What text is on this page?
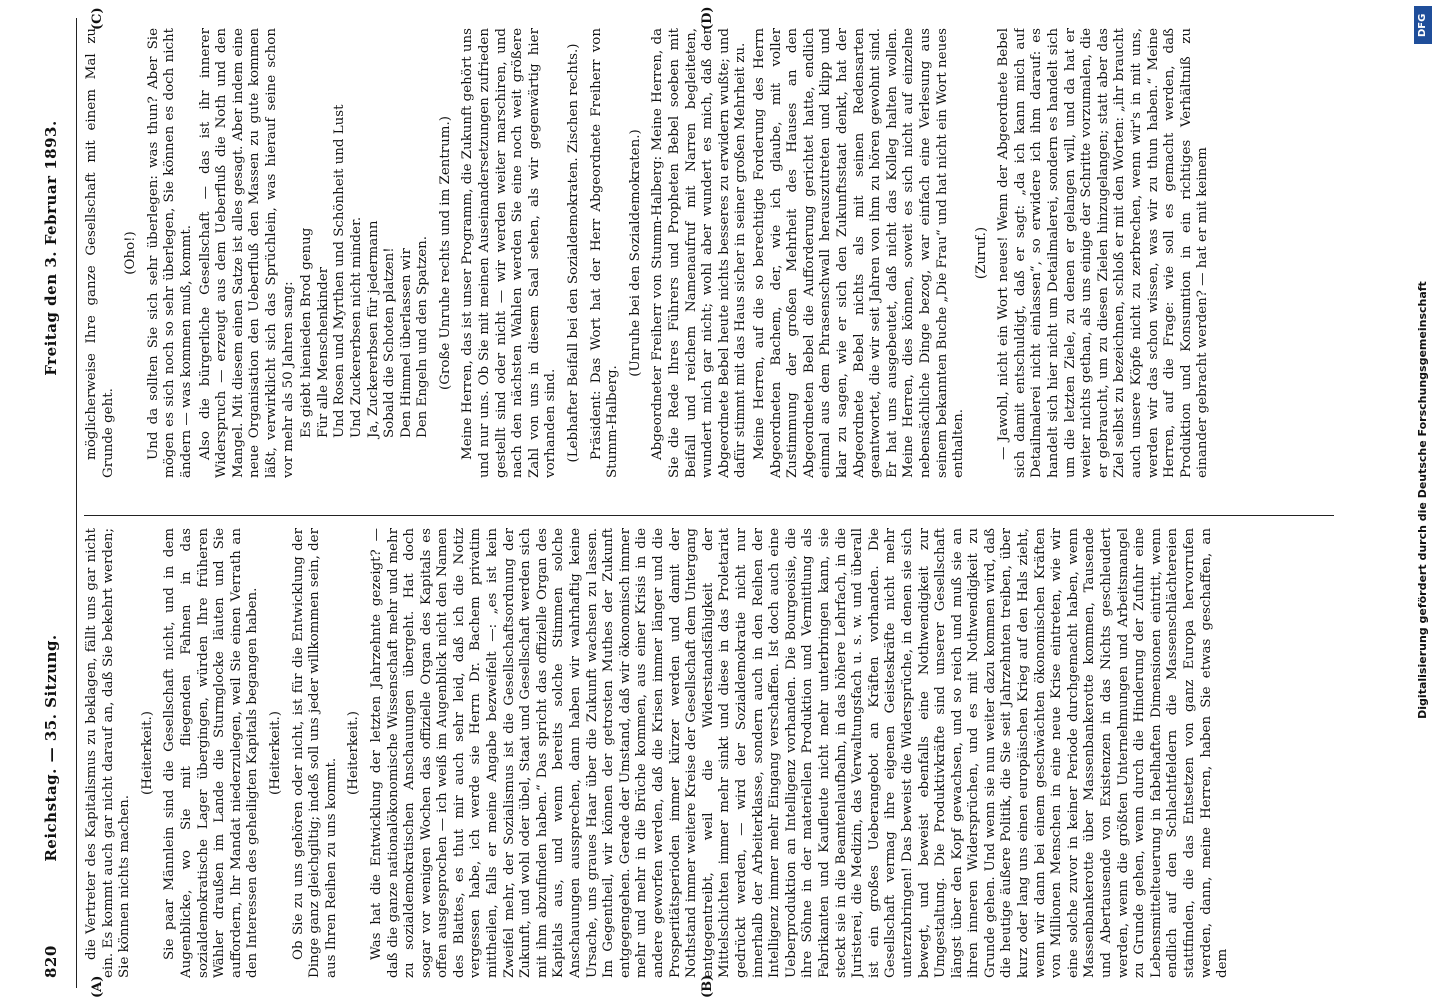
820
Reichstag. — 35. Sitzung.
Freitag den 3. Februar 1893.
(A)	(B)
(C)	(D)

die Vertreter des Kapitalismus zu beklagen, fällt uns gar nicht ein. Es kommt auch gar nicht darauf an, daß Sie bekehrt werden; Sie können nichts machen.

(Heiterkeit.) Sie paar Männlein sind die Gesellschaft nicht, und in dem Augenblicke, wo Sie mit fliegenden Fahnen in das sozialdemokratische Lager übergingen, würden Ihre früheren Wähler draußen im Lande die Sturmglocke läuten und Sie auffordern, Ihr Mandat niederzulegen, weil Sie einen Verrath an den Interessen des geheiligten Kapitals begangen haben. (Heiterkeit.) Ob Sie zu uns gehören oder nicht, ist für die Entwicklung der Dinge ganz gleichgiltig; indeß soll uns jeder willkommen sein, der aus Ihren Reihen zu uns kommt.

(Heiterkeit.) Was hat die Entwicklung der letzten Jahrzehnte gezeigt? — daß die ganze nationalökonomische Wissenschaft mehr und mehr zu sozialdemokratischen Anschauungen übergeht. Hat doch sogar vor wenigen Wochen das offizielle Organ des Kapitals es offen ausgesprochen — ich weiß im Augenblick nicht den Namen des Blattes, es thut mir auch sehr leid, daß ich die Notiz vergessen habe, ich werde sie Herrn Dr. Bachem privatim mittheilen, falls er meine Angabe bezweifelt —: „es ist kein Zweifel mehr, der Sozialismus ist die Gesellschaftsordnung der Zukunft, und wohl oder übel, Staat und Gesellschaft werden sich mit ihm abzufinden haben.“ Das spricht das offizielle Organ des Kapitals aus, und wenn bereits solche Stimmen solche Anschauungen aussprechen, dann haben wir wahrhaftig keine Ursache, uns graues Haar über die Zukunft wachsen zu lassen. Im Gegentheil, wir können der getrosten Muthes der Zukunft entgegengehen. Gerade der Umstand, daß wir ökonomisch immer mehr und mehr in die Brüche kommen, aus einer Krisis in die andere geworfen werden, daß die Krisen immer länger und die Prosperitätsperioden immer kürzer werden und damit der Nothstand immer weitere Kreise der Gesellschaft dem Untergang entgegentreibt, weil die Widerstandsfähigkeit der Mittelschichten immer mehr sinkt und diese in das Proletariat gedrückt werden, — wird der Sozialdemokratie nicht nur innerhalb der Arbeiterklasse, sondern auch in den Reihen der Intelligenz immer mehr Eingang verschaffen. Ist doch auch eine Ueberproduktion an Intelligenz vorhanden. Die Bourgeoisie, die ihre Söhne in der materiellen Produktion und Vermittlung als Fabrikanten und Kaufleute nicht mehr unterbringen kann, sie steckt sie in die Beamtenlaufbahn, in das höhere Lehrfach, in die Juristerei, die Medizin, das Verwaltungsfach u. s. w. und überall ist ein großes Ueberangebot an Kräften vorhanden. Die Gesellschaft vermag ihre eigenen Geisteskräfte nicht mehr unterzubringen! Das beweist die Widersprüche, in denen sie sich bewegt, und beweist ebenfalls eine Nothwendigkeit zur Umgestaltung. Die Produktivkräfte sind unserer Gesellschaft längst über den Kopf gewachsen, und so reich und muß sie an ihren inneren Widersprüchen, und es mit Nothwendigkeit zu Grunde gehen. Und wenn sie nun weiter dazu kommen wird, daß die heutige äußere Politik, die Sie seit Jahrzehnten treiben, über kurz oder lang uns einen europäischen Krieg auf den Hals zieht, wenn wir dann bei einem geschwächten ökonomischen Kräften von Millionen Menschen in eine neue Krise eintreten, wie wir eine solche zuvor in keiner Periode durchgemacht haben, wenn Massenbankerotte über Massenbankerotte kommen, Tausende und Abertausende von Existenzen in das Nichts geschleudert werden, wenn die größten Unternehmungen und Arbeitsmangel zu Grunde gehen, wenn durch die Hinderung der Zufuhr eine Lebensmittelteuerung in fabelhaften Dimensionen eintritt, wenn endlich auf den Schlachtfeldern die Massenschlächtereien stattfinden, die das Entsetzen von ganz Europa hervorrufen werden, dann, meine Herren, haben Sie etwas geschaffen, an dem

möglicherweise Ihre ganze Gesellschaft mit einem Mal zu Grunde geht.

(Oho!) Und da sollten Sie sich sehr überlegen: was thun? Aber Sie mögen es sich noch so sehr überlegen, Sie können es doch nicht ändern — was kommen muß, kommt. Also die bürgerliche Gesellschaft — das ist ihr innerer Widerspruch — erzeugt aus dem Ueberfluß die Noth und den Mangel. Mit diesem einen Satze ist alles gesagt. Aber indem eine neue Organisation den Ueberfluß den Massen zu gute kommen läßt, verwirklicht sich das Sprüchlein, was hierauf seine schon vor mehr als 50 Jahren sang: Es giebt hienieden Brod genug Für alle Menschenkinder Und Rosen und Myrthen und Schönheit und Lust Und Zuckererbsen nicht minder. Ja, Zuckererbsen für jedermann Sobald die Schoten platzen! Den Himmel überlassen wir Den Engeln und den Spatzen. (Große Unruhe rechts und im Zentrum.) Meine Herren, das ist unser Programm, die Zukunft gehört uns und nur uns. Ob Sie mit meinen Auseinandersetzungen zufrieden gestellt sind oder nicht — wir werden weiter marschiren, und nach den nächsten Wahlen werden Sie eine noch weit größere Zahl von uns in diesem Saal sehen, als wir gegenwärtig hier vorhanden sind. (Lebhafter Beifall bei den Sozialdemokraten. Zischen rechts.) Präsident: Das Wort hat der Herr Abgeordnete Freiherr von Stumm-Halberg.

(Unruhe bei den Sozialdemokraten.) Abgeordneter Freiherr von Stumm-Halberg: Meine Herren, da Sie die Rede Ihres Führers und Propheten Bebel soeben mit Beifall und reichem Namenaufruf mit Narren begleiteten, wundert mich gar nicht; wohl aber wundert es mich, daß der Abgeordnete Bebel heute nichts besseres zu erwidern wußte; und dafür stimmt mit das Haus sicher in seiner großen Mehrheit zu. Meine Herren, auf die so berechtigte Forderung des Herrn Abgeordneten Bachem, der, wie ich glaube, mit voller Zustimmung der großen Mehrheit des Hauses an den Abgeordneten Bebel die Aufforderung gerichtet hatte, endlich einmal aus dem Phrasenschwall herauszutreten und klipp und klar zu sagen, wie er sich den Zukunftsstaat denkt, hat der Abgeordnete Bebel nichts als mit seinen Redensarten geantwortet, die wir seit Jahren von ihm zu hören gewohnt sind. Er hat uns ausgebeutet, daß nicht das Kolleg halten wollen. Meine Herren, dies können, soweit es sich nicht auf einzelne nebensächliche Dinge bezog, war einfach eine Verlesung aus seinem bekannten Buche „Die Frau“ und hat nicht ein Wort neues enthalten.

(Zuruf.) — Jawohl, nicht ein Wort neues! Wenn der Abgeordnete Bebel sich damit entschuldigt, daß er sagt: „da ich kann mich auf Detailmalerei nicht einlassen“, so erwidere ich ihm darauf: es handelt sich hier nicht um Detailmalerei, sondern es handelt sich um die letzten Ziele, zu denen er gelangen will, und da hat er weiter nichts gethan, als uns einige der Schritte vorzumalen, die er gebraucht, um zu diesen Zielen hinzugelangen; statt aber das Ziel selbst zu bezeichnen, schloß er mit den Worten: „ihr braucht auch unsere Köpfe nicht zu zerbrechen, wenn wir's in mit uns, werden wir das schon wissen, was wir zu thun haben.“ Meine Herren, auf die Frage: wie soll es gemacht werden, daß Produktion und Konsumtion in ein richtiges Verhältniß zu einander gebracht werden? — hat er mit keinem	Digitalisierung gefördert durch die Deutsche Forschungsgemeinschaft
DFG
